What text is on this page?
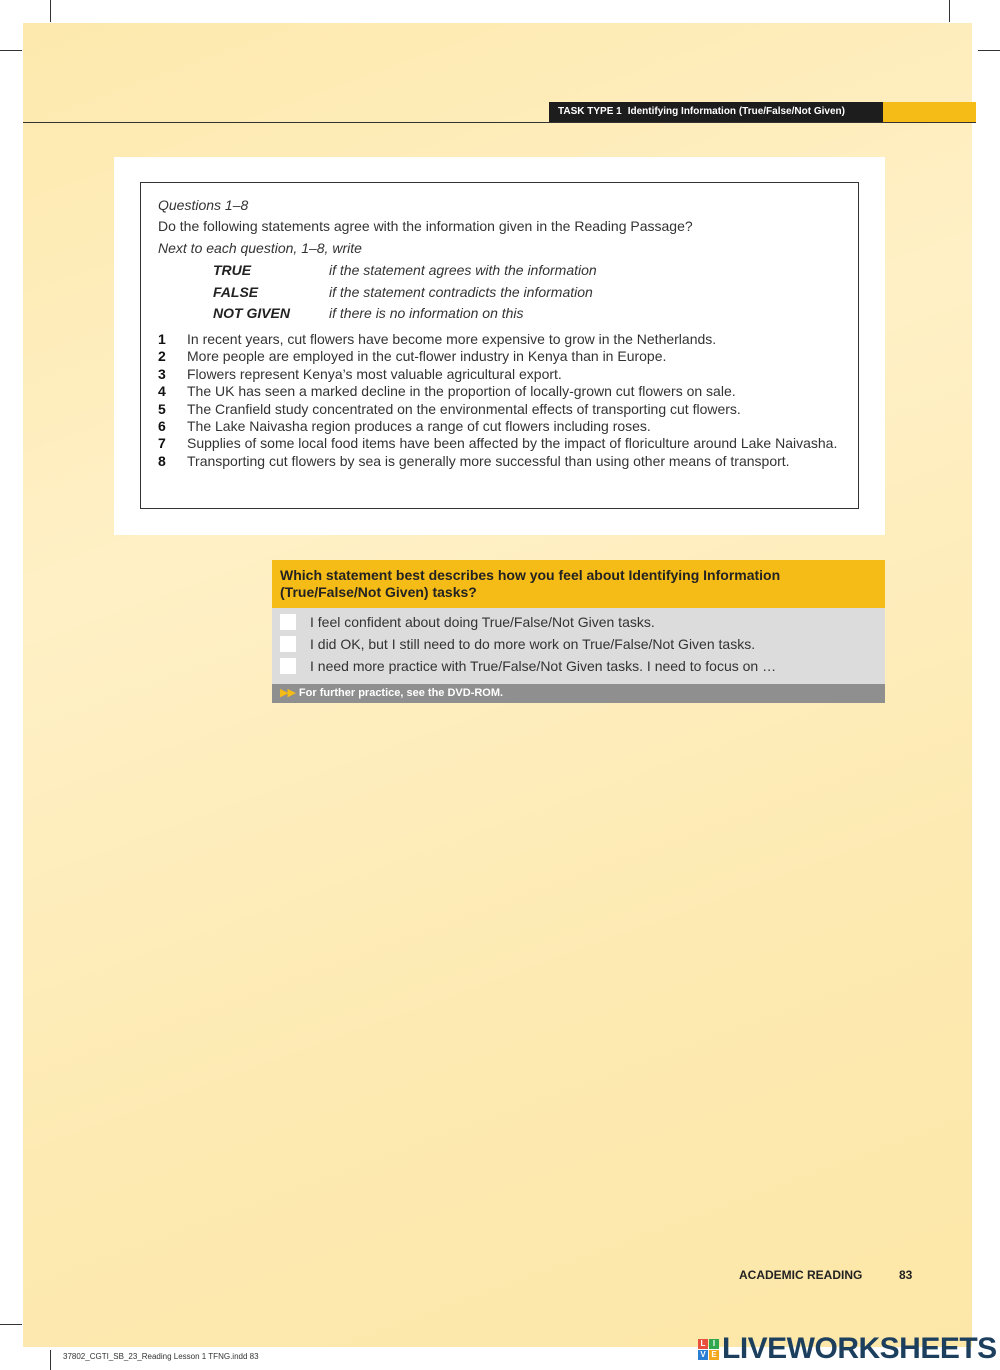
TASK TYPE 1 Identifying Information (True/False/Not Given)
Questions 1–8
Do the following statements agree with the information given in the Reading Passage?
Next to each question, 1–8, write
TRUE	if the statement agrees with the information
FALSE	if the statement contradicts the information
NOT GIVEN	if there is no information on this
1	In recent years, cut flowers have become more expensive to grow in the Netherlands.
2	More people are employed in the cut-flower industry in Kenya than in Europe.
3	Flowers represent Kenya’s most valuable agricultural export.
4	The UK has seen a marked decline in the proportion of locally-grown cut flowers on sale.
5	The Cranfield study concentrated on the environmental effects of transporting cut flowers.
6	The Lake Naivasha region produces a range of cut flowers including roses.
7	Supplies of some local food items have been affected by the impact of floriculture around Lake Naivasha.
8	Transporting cut flowers by sea is generally more successful than using other means of transport.
Which statement best describes how you feel about Identifying Information (True/False/Not Given) tasks?
I feel confident about doing True/False/Not Given tasks.
I did OK, but I still need to do more work on True/False/Not Given tasks.
I need more practice with True/False/Not Given tasks. I need to focus on …
▶▶ For further practice, see the DVD-ROM.
ACADEMIC READING	83
37802_CGTI_SB_23_Reading Lesson 1 TFNG.indd 83
L I
V E LIVEWORKSHEETS
